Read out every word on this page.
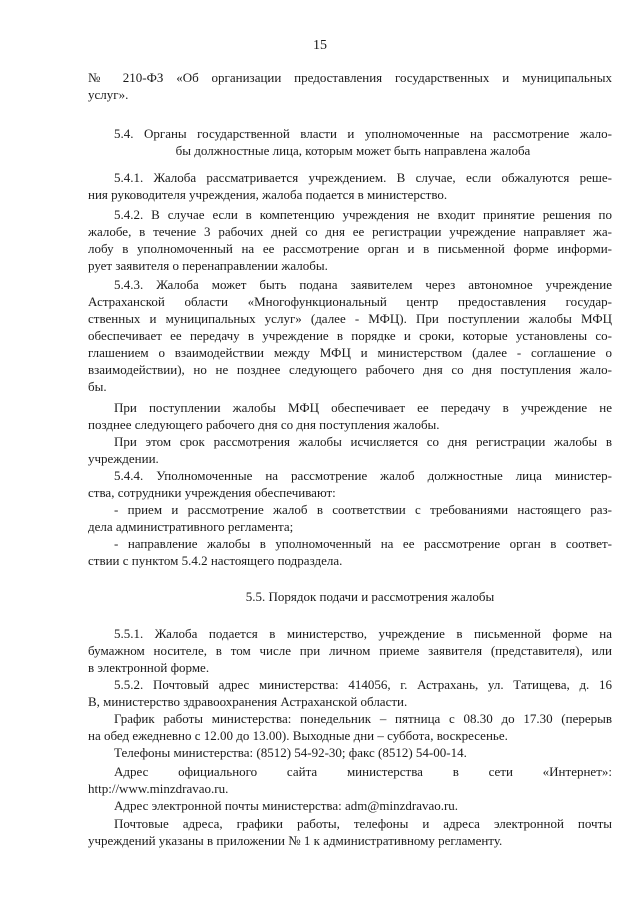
15
№ 210-ФЗ «Об организации предоставления государственных и муниципальных
услуг».
5.4. Органы государственной власти и уполномоченные на рассмотрение жало-
бы должностные лица, которым может быть направлена жалоба
5.4.1. Жалоба рассматривается учреждением. В случае, если обжалуются реше-
ния руководителя учреждения, жалоба подается в министерство.
5.4.2. В случае если в компетенцию учреждения не входит принятие решения по
жалобе, в течение 3 рабочих дней со дня ее регистрации учреждение направляет жа-
лобу в уполномоченный на ее рассмотрение орган и в письменной форме информи-
рует заявителя о перенаправлении жалобы.
5.4.3. Жалоба может быть подана заявителем через автономное учреждение
Астраханской области «Многофункциональный центр предоставления государ-
ственных и муниципальных услуг» (далее - МФЦ). При поступлении жалобы МФЦ
обеспечивает ее передачу в учреждение в порядке и сроки, которые установлены со-
глашением о взаимодействии между МФЦ и министерством (далее - соглашение о
взаимодействии), но не позднее следующего рабочего дня со дня поступления жало-
бы.
При поступлении жалобы МФЦ обеспечивает ее передачу в учреждение не
позднее следующего рабочего дня со дня поступления жалобы.
При этом срок рассмотрения жалобы исчисляется со дня регистрации жалобы в
учреждении.
5.4.4. Уполномоченные на рассмотрение жалоб должностные лица министер-
ства, сотрудники учреждения обеспечивают:
- прием и рассмотрение жалоб в соответствии с требованиями настоящего раз-
дела административного регламента;
- направление жалобы в уполномоченный на ее рассмотрение орган в соответ-
ствии с пунктом 5.4.2 настоящего подраздела.
5.5. Порядок подачи и рассмотрения жалобы
5.5.1. Жалоба подается в министерство, учреждение в письменной форме на
бумажном носителе, в том числе при личном приеме заявителя (представителя), или
в электронной форме.
5.5.2. Почтовый адрес министерства: 414056, г. Астрахань, ул. Татищева, д. 16
В, министерство здравоохранения Астраханской области.
График работы министерства: понедельник – пятница с 08.30 до 17.30 (перерыв
на обед ежедневно с 12.00 до 13.00). Выходные дни – суббота, воскресенье.
Телефоны министерства: (8512) 54-92-30; факс (8512) 54-00-14.
Адрес официального сайта министерства в сети «Интернет»:
http://www.minzdravao.ru.
Адрес электронной почты министерства: adm@minzdravao.ru.
Почтовые адреса, графики работы, телефоны и адреса электронной почты
учреждений указаны в приложении № 1 к административному регламенту.
